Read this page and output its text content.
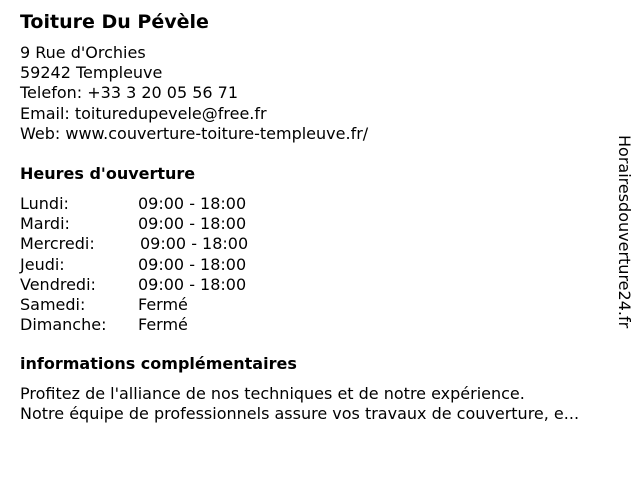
Toiture Du Pévèle
9 Rue d'Orchies
59242 Templeuve
Telefon: +33 3 20 05 56 71
Email: toituredupevele@free.fr
Web: www.couverture-toiture-templeuve.fr/
Heures d'ouverture
Lundi:	09:00 - 18:00
Mardi:	09:00 - 18:00
Mercredi:	09:00 - 18:00
Jeudi:	09:00 - 18:00
Vendredi:	09:00 - 18:00
Samedi:	Fermé
Dimanche:	Fermé
informations complémentaires
Profitez de l'alliance de nos techniques et de notre expérience.
Notre équipe de professionnels assure vos travaux de couverture, e...
Horairesdouverture24.fr
